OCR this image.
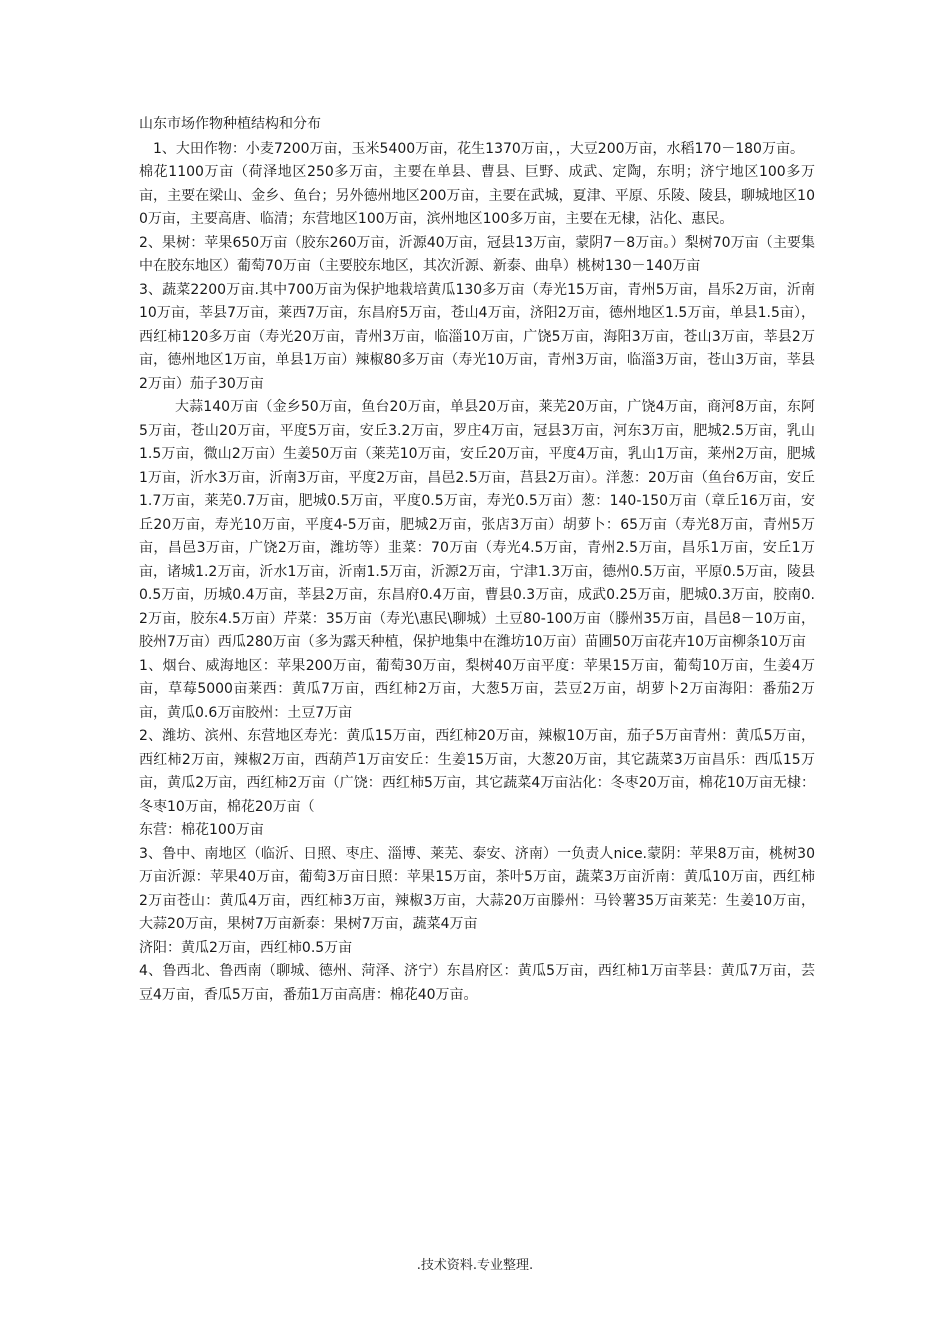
山东市场作物种植结构和分布

1、大田作物：小麦7200万亩，玉米5400万亩，花生1370万亩，，大豆200万亩，水稻170－180万亩。

棉花1100万亩（荷泽地区250多万亩，主要在单县、曹县、巨野、成武、定陶，东明；济宁地区100多万亩，主要在梁山、金乡、鱼台；另外德州地区200万亩，主要在武城，夏津、平原、乐陵、陵县，聊城地区100万亩，主要高唐、临清；东营地区100万亩，滨州地区100多万亩，主要在无棣，沾化、惠民。

2、果树：苹果650万亩（胶东260万亩，沂源40万亩，冠县13万亩，蒙阴7－8万亩。）梨树70万亩（主要集中在胶东地区）葡萄70万亩（主要胶东地区，其次沂源、新泰、曲阜）桃树130－140万亩

3、蔬菜2200万亩.其中700万亩为保护地栽培黄瓜130多万亩（寿光15万亩，青州5万亩，昌乐2万亩，沂南10万亩，莘县7万亩，莱西7万亩，东昌府5万亩，苍山4万亩，济阳2万亩，德州地区1.5万亩，单县1.5亩），西红柿120多万亩（寿光20万亩，青州3万亩，临淄10万亩，广饶5万亩，海阳3万亩，苍山3万亩，莘县2万亩，德州地区1万亩，单县1万亩）辣椒80多万亩（寿光10万亩，青州3万亩，临淄3万亩，苍山3万亩，莘县2万亩）茄子30万亩

大蒜140万亩（金乡50万亩，鱼台20万亩，单县20万亩，莱芜20万亩，广饶4万亩，商河8万亩，东阿5万亩，苍山20万亩，平度5万亩，安丘3.2万亩，罗庄4万亩，冠县3万亩，河东3万亩，肥城2.5万亩，乳山1.5万亩，微山2万亩）生姜50万亩（莱芜10万亩，安丘20万亩，平度4万亩，乳山1万亩，莱州2万亩，肥城1万亩，沂水3万亩，沂南3万亩，平度2万亩，昌邑2.5万亩，莒县2万亩）。洋葱：20万亩（鱼台6万亩，安丘1.7万亩，莱芜0.7万亩，肥城0.5万亩，平度0.5万亩，寿光0.5万亩）葱：140-150万亩（章丘16万亩，安丘20万亩，寿光10万亩，平度4-5万亩，肥城2万亩，张店3万亩）胡萝卜：65万亩（寿光8万亩，青州5万亩，昌邑3万亩，广饶2万亩，潍坊等）韭菜：70万亩（寿光4.5万亩，青州2.5万亩，昌乐1万亩，安丘1万亩，诸城1.2万亩，沂水1万亩，沂南1.5万亩，沂源2万亩，宁津1.3万亩，德州0.5万亩，平原0.5万亩，陵县0.5万亩，历城0.4万亩，莘县2万亩，东昌府0.4万亩，曹县0.3万亩，成武0.25万亩，肥城0.3万亩，胶南0.2万亩，胶东4.5万亩）芹菜：35万亩（寿光\惠民\聊城）土豆80-100万亩（滕州35万亩，昌邑8－10万亩，胶州7万亩）西瓜280万亩（多为露天种植，保护地集中在潍坊10万亩）苗圃50万亩花卉10万亩柳条10万亩

1、烟台、威海地区：苹果200万亩，葡萄30万亩，梨树40万亩平度：苹果15万亩，葡萄10万亩，生姜4万亩，草莓5000亩莱西：黄瓜7万亩，西红柿2万亩，大葱5万亩，芸豆2万亩，胡萝卜2万亩海阳：番茄2万亩，黄瓜0.6万亩胶州：土豆7万亩

2、潍坊、滨州、东营地区寿光：黄瓜15万亩，西红柿20万亩，辣椒10万亩，茄子5万亩青州：黄瓜5万亩，西红柿2万亩，辣椒2万亩，西葫芦1万亩安丘：生姜15万亩，大葱20万亩，其它蔬菜3万亩昌乐：西瓜15万亩，黄瓜2万亩，西红柿2万亩（广饶：西红柿5万亩，其它蔬菜4万亩沾化：冬枣20万亩，棉花10万亩无棣：冬枣10万亩，棉花20万亩（

东营：棉花100万亩

3、鲁中、南地区（临沂、日照、枣庄、淄博、莱芜、泰安、济南）一负责人nice.蒙阴：苹果8万亩，桃树30万亩沂源：苹果40万亩，葡萄3万亩日照：苹果15万亩，茶叶5万亩，蔬菜3万亩沂南：黄瓜10万亩，西红柿2万亩苍山：黄瓜4万亩，西红柿3万亩，辣椒3万亩，大蒜20万亩滕州：马铃薯35万亩莱芜：生姜10万亩，大蒜20万亩，果树7万亩新泰：果树7万亩，蔬菜4万亩

济阳：黄瓜2万亩，西红柿0.5万亩

4、鲁西北、鲁西南（聊城、德州、菏泽、济宁）东昌府区：黄瓜5万亩，西红柿1万亩莘县：黄瓜7万亩，芸豆4万亩，香瓜5万亩，番茄1万亩高唐：棉花40万亩。

.技术资料.专业整理.
